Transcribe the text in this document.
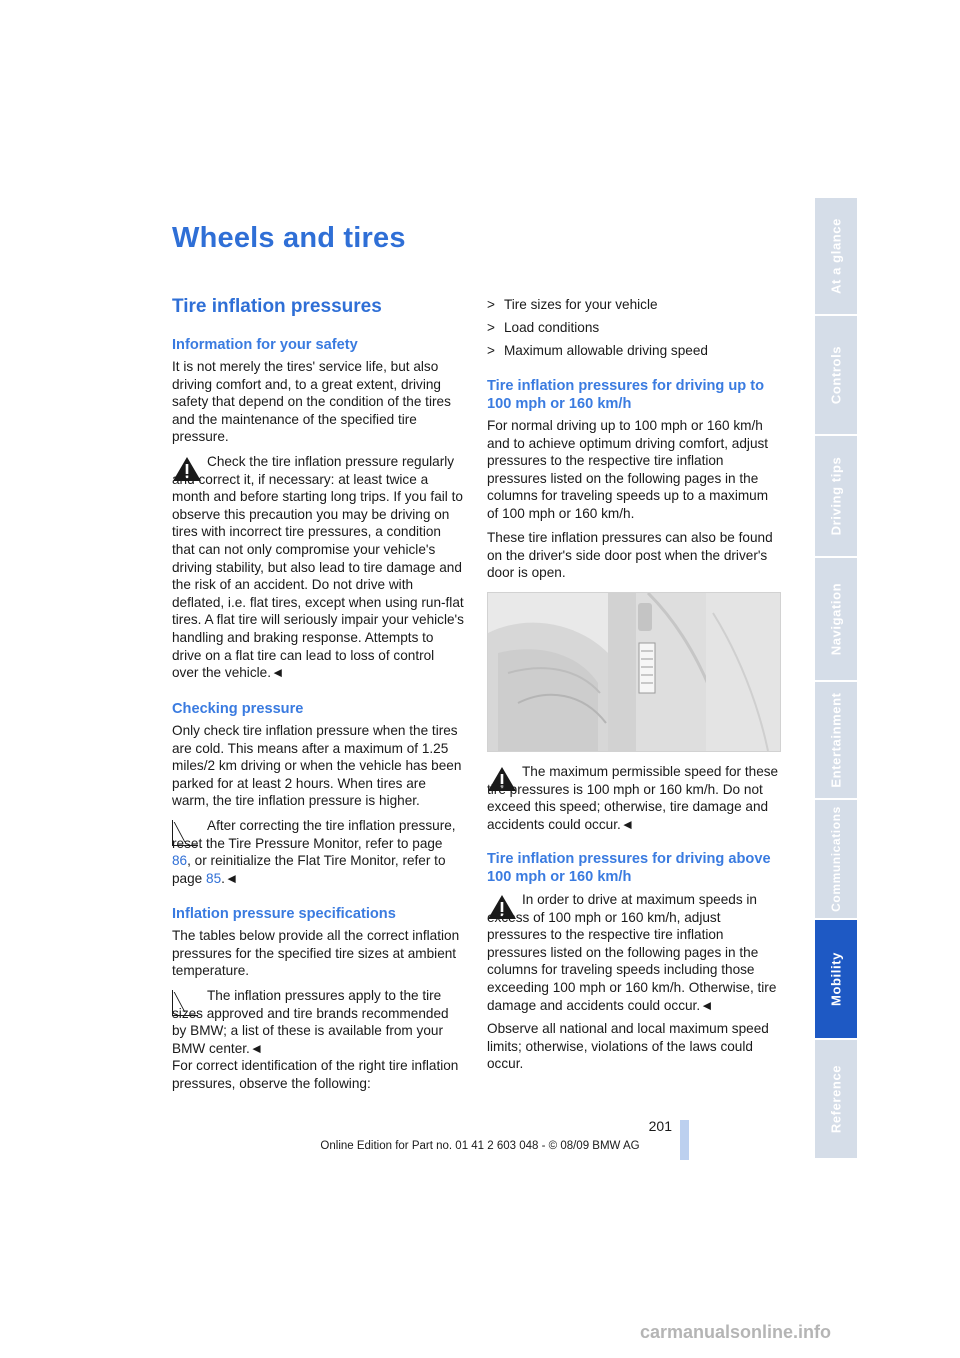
Wheels and tires
Tire inflation pressures
Information for your safety

It is not merely the tires' service life, but also driving comfort and, to a great extent, driving safety that depend on the condition of the tires and the maintenance of the specified tire pressure.

Check the tire inflation pressure regularly and correct it, if necessary: at least twice a month and before starting long trips. If you fail to observe this precaution you may be driving on tires with incorrect tire pressures, a condition that can not only compromise your vehicle's driving stability, but also lead to tire damage and the risk of an accident. Do not drive with deflated, i.e. flat tires, except when using run-flat tires. A flat tire will seriously impair your vehicle's handling and braking response. Attempts to drive on a flat tire can lead to loss of control over the vehicle.◄

Checking pressure

Only check tire inflation pressure when the tires are cold. This means after a maximum of 1.25 miles/2 km driving or when the vehicle has been parked for at least 2 hours. When tires are warm, the tire inflation pressure is higher.

After correcting the tire inflation pressure, reset the Tire Pressure Monitor, refer to page 86, or reinitialize the Flat Tire Monitor, refer to page 85.◄

Inflation pressure specifications

The tables below provide all the correct inflation pressures for the specified tire sizes at ambient temperature.

The inflation pressures apply to the tire sizes approved and tire brands recommended by BMW; a list of these is available from your BMW center.◄

For correct identification of the right tire inflation pressures, observe the following:

> Tire sizes for your vehicle
> Load conditions
> Maximum allowable driving speed
Tire inflation pressures for driving up to 100 mph or 160 km/h

For normal driving up to 100 mph or 160 km/h and to achieve optimum driving comfort, adjust pressures to the respective tire inflation pressures listed on the following pages in the columns for traveling speeds up to a maximum of 100 mph or 160 km/h.

These tire inflation pressures can also be found on the driver's side door post when the driver's door is open.

The maximum permissible speed for these tire pressures is 100 mph or 160 km/h. Do not exceed this speed; otherwise, tire damage and accidents could occur.◄

Tire inflation pressures for driving above 100 mph or 160 km/h

In order to drive at maximum speeds in excess of 100 mph or 160 km/h, adjust pressures to the respective tire inflation pressures listed on the following pages in the columns for traveling speeds including those exceeding 100 mph or 160 km/h. Otherwise, tire damage and accidents could occur.◄

Observe all national and local maximum speed limits; otherwise, violations of the laws could occur.

At a glance
Controls
Driving tips
Navigation
Entertainment
Communications
Mobility
Reference
201
Online Edition for Part no. 01 41 2 603 048 - © 08/09 BMW AG
carmanualsonline.info
